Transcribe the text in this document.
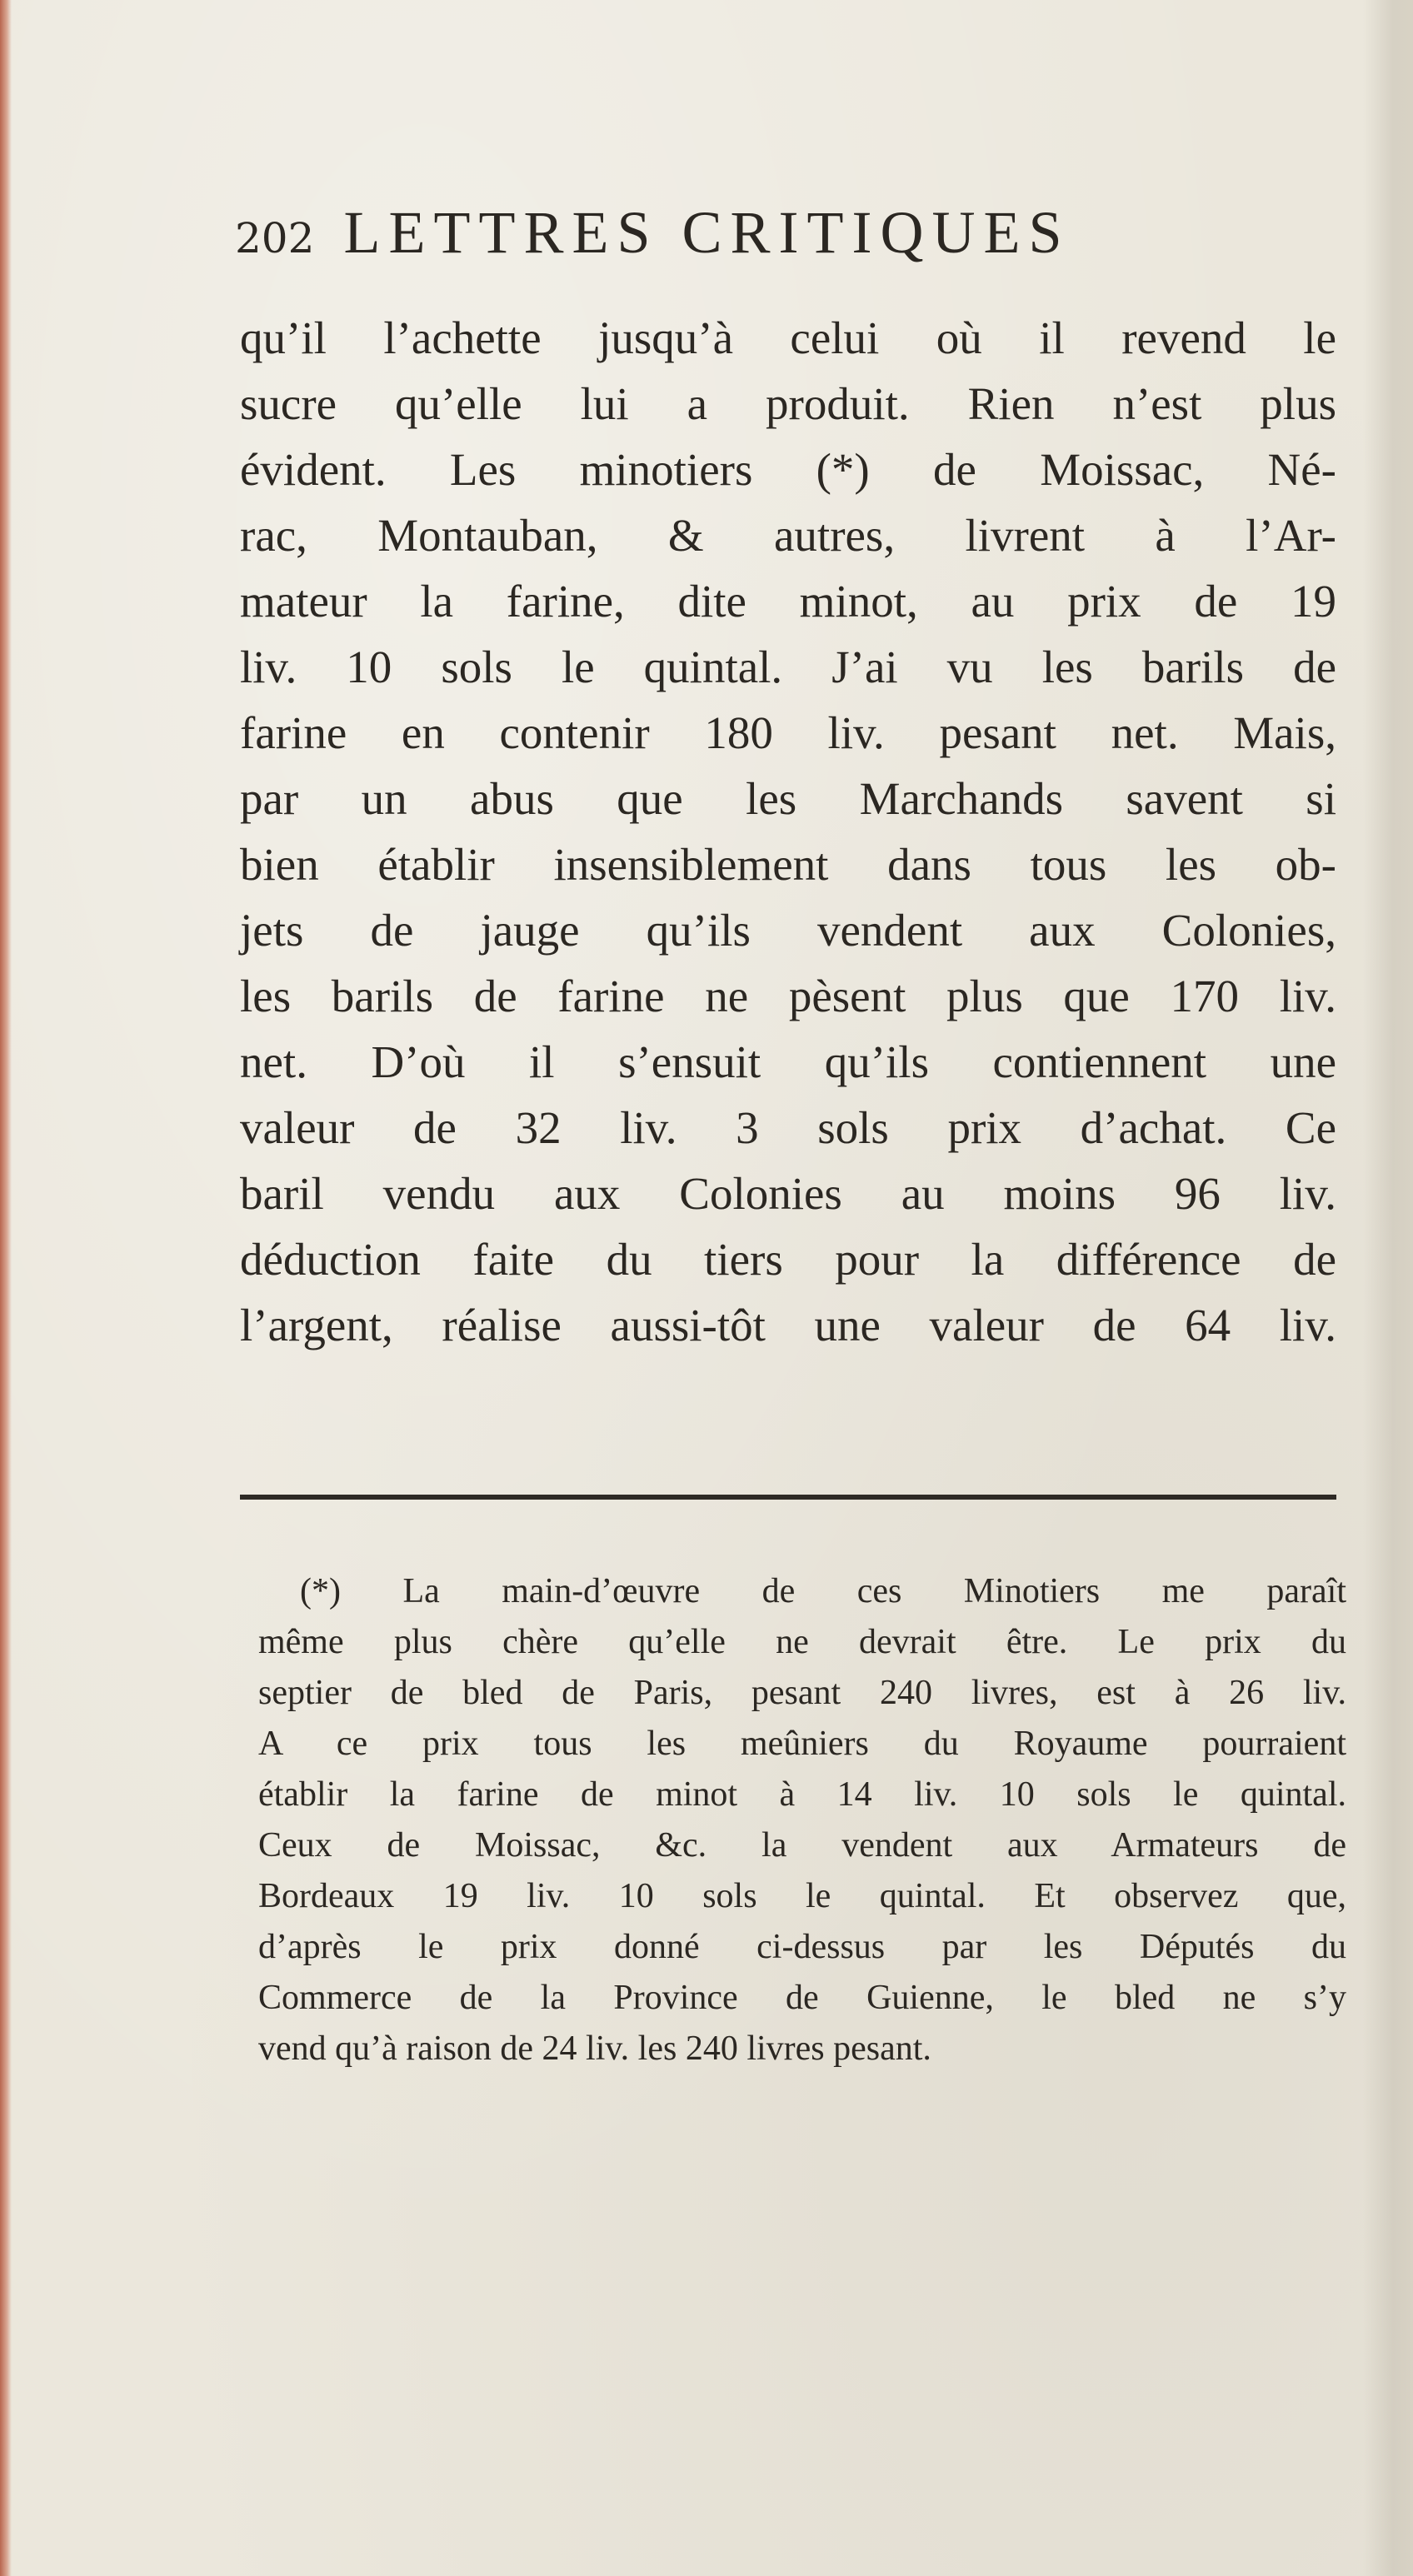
202 LETTRES CRITIQUES
qu’il l’achette jusqu’à celui où il revend le
sucre qu’elle lui a produit. Rien n’est plus
évident. Les minotiers (*) de Moissac, Né-
rac, Montauban, & autres, livrent à l’Ar-
mateur la farine, dite minot, au prix de 19
liv. 10 sols le quintal. J’ai vu les barils de
farine en contenir 180 liv. pesant net. Mais,
par un abus que les Marchands savent si
bien établir insensiblement dans tous les ob-
jets de jauge qu’ils vendent aux Colonies,
les barils de farine ne pèsent plus que 170 liv.
net. D’où il s’ensuit qu’ils contiennent une
valeur de 32 liv. 3 sols prix d’achat. Ce
baril vendu aux Colonies au moins 96 liv.
déduction faite du tiers pour la différence de
l’argent, réalise aussi-tôt une valeur de 64 liv.
(*) La main-d’œuvre de ces Minotiers me paraît
même plus chère qu’elle ne devrait être. Le prix du
septier de bled de Paris, pesant 240 livres, est à 26 liv.
A ce prix tous les meûniers du Royaume pourraient
établir la farine de minot à 14 liv. 10 sols le quintal.
Ceux de Moissac, &c. la vendent aux Armateurs de
Bordeaux 19 liv. 10 sols le quintal. Et observez que,
d’après le prix donné ci-dessus par les Députés du
Commerce de la Province de Guienne, le bled ne s’y
vend qu’à raison de 24 liv. les 240 livres pesant.
